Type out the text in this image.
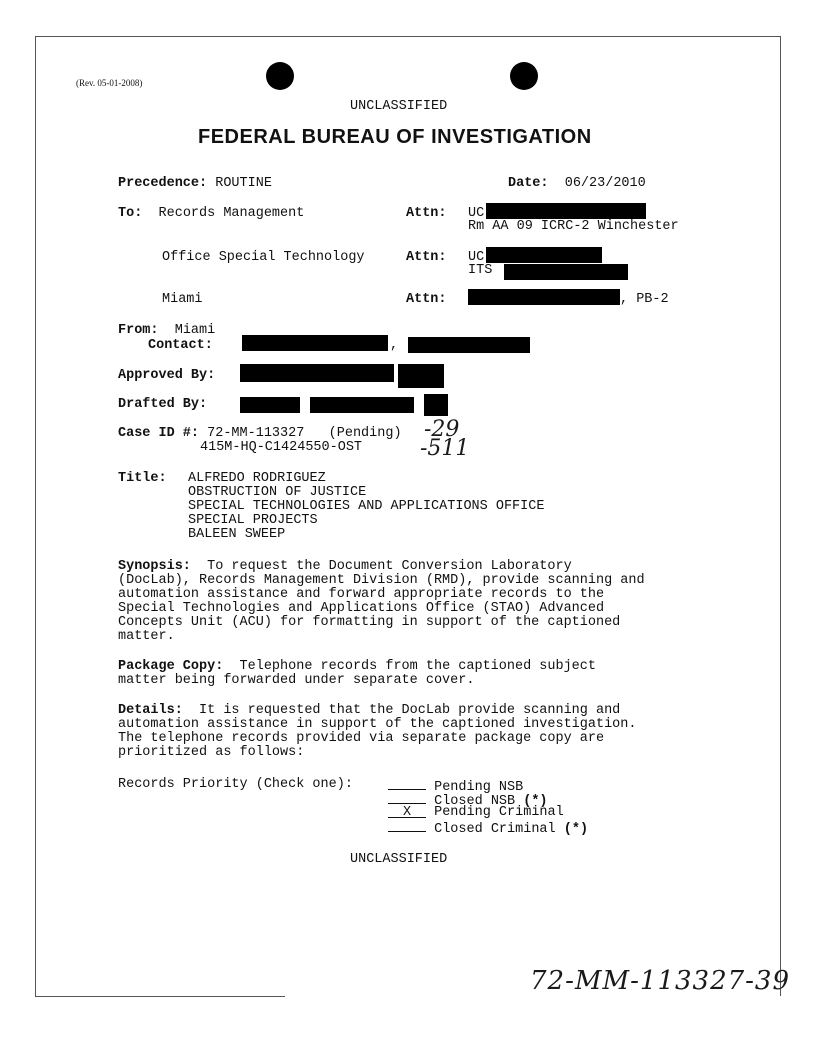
(Rev. 05-01-2008)
UNCLASSIFIED
FEDERAL BUREAU OF INVESTIGATION
Precedence: ROUTINE	Date: 06/23/2010
To: Records Management	Attn: UC
Rm AA 09 ICRC-2 Winchester
Office Special Technology	Attn: UC
ITS
Miami	Attn:	, PB-2
From: Miami
Contact:	,
Approved By:
Drafted By:
Case ID #: 72-MM-113327 (Pending) -29
415M-HQ-C1424550-OST	-511
Title: ALFREDO RODRIGUEZ
OBSTRUCTION OF JUSTICE
SPECIAL TECHNOLOGIES AND APPLICATIONS OFFICE
SPECIAL PROJECTS
BALEEN SWEEP
Synopsis: To request the Document Conversion Laboratory
(DocLab), Records Management Division (RMD), provide scanning and
automation assistance and forward appropriate records to the
Special Technologies and Applications Office (STAO) Advanced
Concepts Unit (ACU) for formatting in support of the captioned
matter.
Package Copy: Telephone records from the captioned subject
matter being forwarded under separate cover.
Details: It is requested that the DocLab provide scanning and
automation assistance in support of the captioned investigation.
The telephone records provided via separate package copy are
prioritized as follows:
Records Priority (Check one):	Pending NSB
Closed NSB (*)
X Pending Criminal
Closed Criminal (*)
UNCLASSIFIED
72-MM-113327-39
